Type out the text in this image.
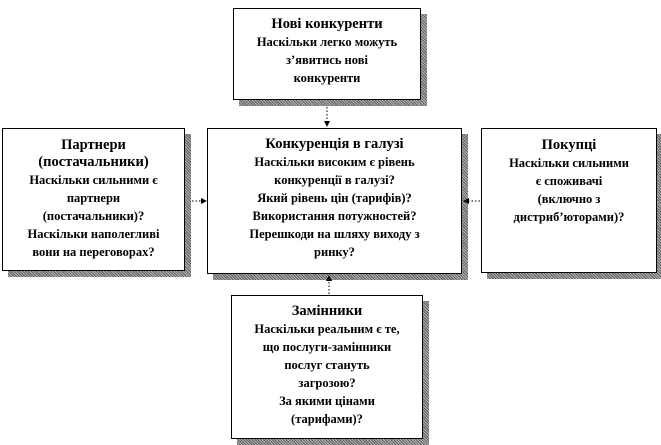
Нові конкуренти
Наскільки легко можуть
з’явитись нові
конкуренти
Партнери
(постачальники)
Наскільки сильними є
партнери
(постачальники)?
Наскільки наполегливі
вони на переговорах?
Конкуренція в галузі
Наскільки високим є рівень
конкуренції в галузі?
Який рівень цін (тарифів)?
Використання потужностей?
Перешкоди на шляху виходу з
ринку?
Покупці
Наскільки сильними
є споживачі
(включно з
дистриб’юторами)?
Замінники
Наскільки реальним є те,
що послуги-замінники
послуг стануть
загрозою?
За якими цінами
(тарифами)?
